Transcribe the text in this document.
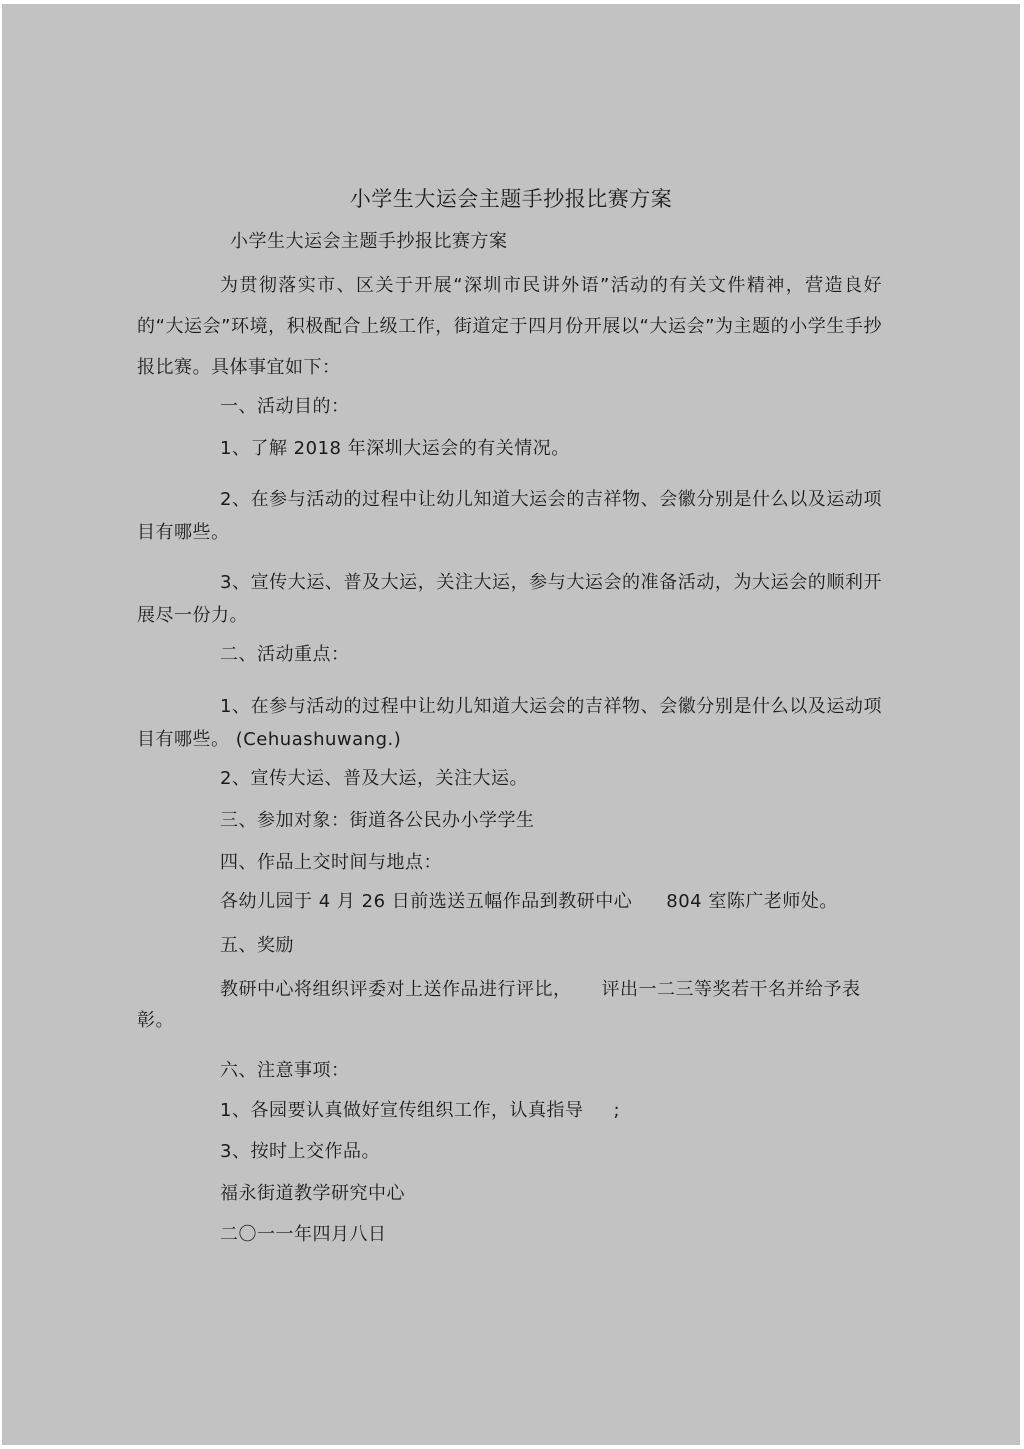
小学生大运会主题手抄报比赛方案
小学生大运会主题手抄报比赛方案
为贯彻落实市、区关于开展“深圳市民讲外语”活动的有关文件精神，营造良好的“大运会”环境，积极配合上级工作，街道定于四月份开展以“大运会”为主题的小学生手抄报比赛。具体事宜如下：
一、活动目的：
1、了解 2018 年深圳大运会的有关情况。
2、在参与活动的过程中让幼儿知道大运会的吉祥物、会徽分别是什么以及运动项目有哪些。
3、宣传大运、普及大运，关注大运，参与大运会的准备活动，为大运会的顺利开展尽一份力。
二、活动重点：
1、在参与活动的过程中让幼儿知道大运会的吉祥物、会徽分别是什么以及运动项目有哪些。 (Cehuashuwang.)
2、宣传大运、普及大运，关注大运。
三、参加对象：街道各公民办小学学生
四、作品上交时间与地点：
各幼儿园于 4 月 26 日前选送五幅作品到教研中心 804 室陈广老师处。
五、奖励
教研中心将组织评委对上送作品进行评比， 评出一二三等奖若干名并给予表彰。
六、注意事项：
1、各园要认真做好宣传组织工作，认真指导 ;
3、按时上交作品。
福永街道教学研究中心
二〇一一年四月八日
